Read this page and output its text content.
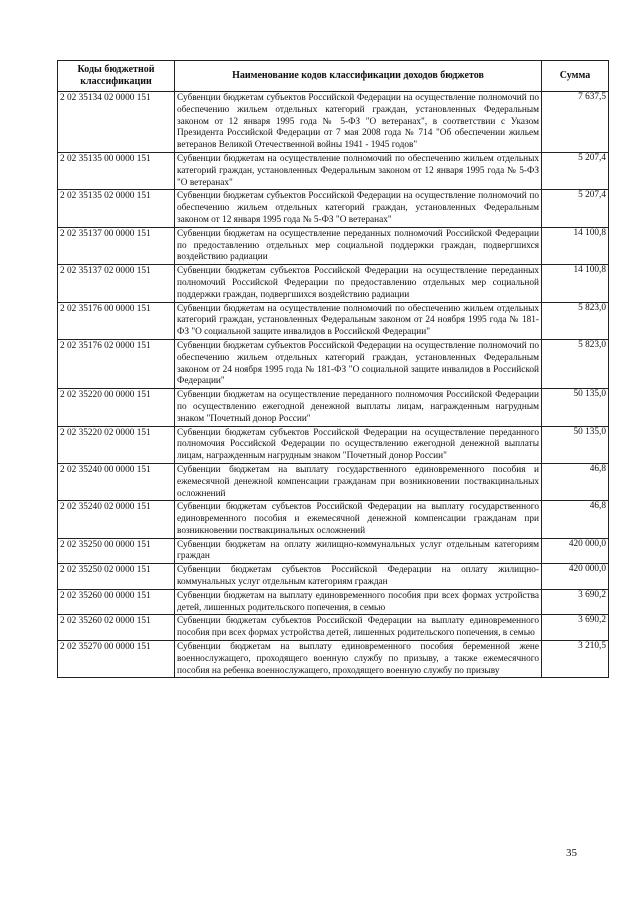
Коды бюджетной классификации	Наименование кодов классификации доходов бюджетов	Сумма
2 02 35134 02 0000 151	Субвенции бюджетам субъектов Российской Федерации на осуществление полномочий по обеспечению жильем отдельных категорий граждан, установленных Федеральным законом от 12 января 1995 года № 5-ФЗ "О ветеранах", в соответствии с Указом Президента Российской Федерации от 7 мая 2008 года № 714 "Об обеспечении жильем ветеранов Великой Отечественной войны 1941 - 1945 годов"	7 637,5
2 02 35135 00 0000 151	Субвенции бюджетам на осуществление полномочий по обеспечению жильем отдельных категорий граждан, установленных Федеральным законом от 12 января 1995 года № 5-ФЗ "О ветеранах"	5 207,4
2 02 35135 02 0000 151	Субвенции бюджетам субъектов Российской Федерации на осуществление полномочий по обеспечению жильем отдельных категорий граждан, установленных Федеральным законом от 12 января 1995 года № 5-ФЗ "О ветеранах"	5 207,4
2 02 35137 00 0000 151	Субвенции бюджетам на осуществление переданных полномочий Российской Федерации по предоставлению отдельных мер социальной поддержки граждан, подвергшихся воздействию радиации	14 100,8
2 02 35137 02 0000 151	Субвенции бюджетам субъектов Российской Федерации на осуществление переданных полномочий Российской Федерации по предоставлению отдельных мер социальной поддержки граждан, подвергшихся воздействию радиации	14 100,8
2 02 35176 00 0000 151	Субвенции бюджетам на осуществление полномочий по обеспечению жильем отдельных категорий граждан, установленных Федеральным законом от 24 ноября 1995 года № 181-ФЗ "О социальной защите инвалидов в Российской Федерации"	5 823,0
2 02 35176 02 0000 151	Субвенции бюджетам субъектов Российской Федерации на осуществление полномочий по обеспечению жильем отдельных категорий граждан, установленных Федеральным законом от 24 ноября 1995 года № 181-ФЗ "О социальной защите инвалидов в Российской Федерации"	5 823,0
2 02 35220 00 0000 151	Субвенции бюджетам на осуществление переданного полномочия Российской Федерации по осуществлению ежегодной денежной выплаты лицам, награжденным нагрудным знаком "Почетный донор России"	50 135,0
2 02 35220 02 0000 151	Субвенции бюджетам субъектов Российской Федерации на осуществление переданного полномочия Российской Федерации по осуществлению ежегодной денежной выплаты лицам, награжденным нагрудным знаком "Почетный донор России"	50 135,0
2 02 35240 00 0000 151	Субвенции бюджетам на выплату государственного единовременного пособия и ежемесячной денежной компенсации гражданам при возникновении поствакцинальных осложнений	46,8
2 02 35240 02 0000 151	Субвенции бюджетам субъектов Российской Федерации на выплату государственного единовременного пособия и ежемесячной денежной компенсации гражданам при возникновении поствакцинальных осложнений	46,8
2 02 35250 00 0000 151	Субвенции бюджетам на оплату жилищно-коммунальных услуг отдельным категориям граждан	420 000,0
2 02 35250 02 0000 151	Субвенции бюджетам субъектов Российской Федерации на оплату жилищно-коммунальных услуг отдельным категориям граждан	420 000,0
2 02 35260 00 0000 151	Субвенции бюджетам на выплату единовременного пособия при всех формах устройства детей, лишенных родительского попечения, в семью	3 690,2
2 02 35260 02 0000 151	Субвенции бюджетам субъектов Российской Федерации на выплату единовременного пособия при всех формах устройства детей, лишенных родительского попечения, в семью	3 690,2
2 02 35270 00 0000 151	Субвенции бюджетам на выплату единовременного пособия беременной жене военнослужащего, проходящего военную службу по призыву, а также ежемесячного пособия на ребенка военнослужащего, проходящего военную службу по призыву	3 210,5
35
